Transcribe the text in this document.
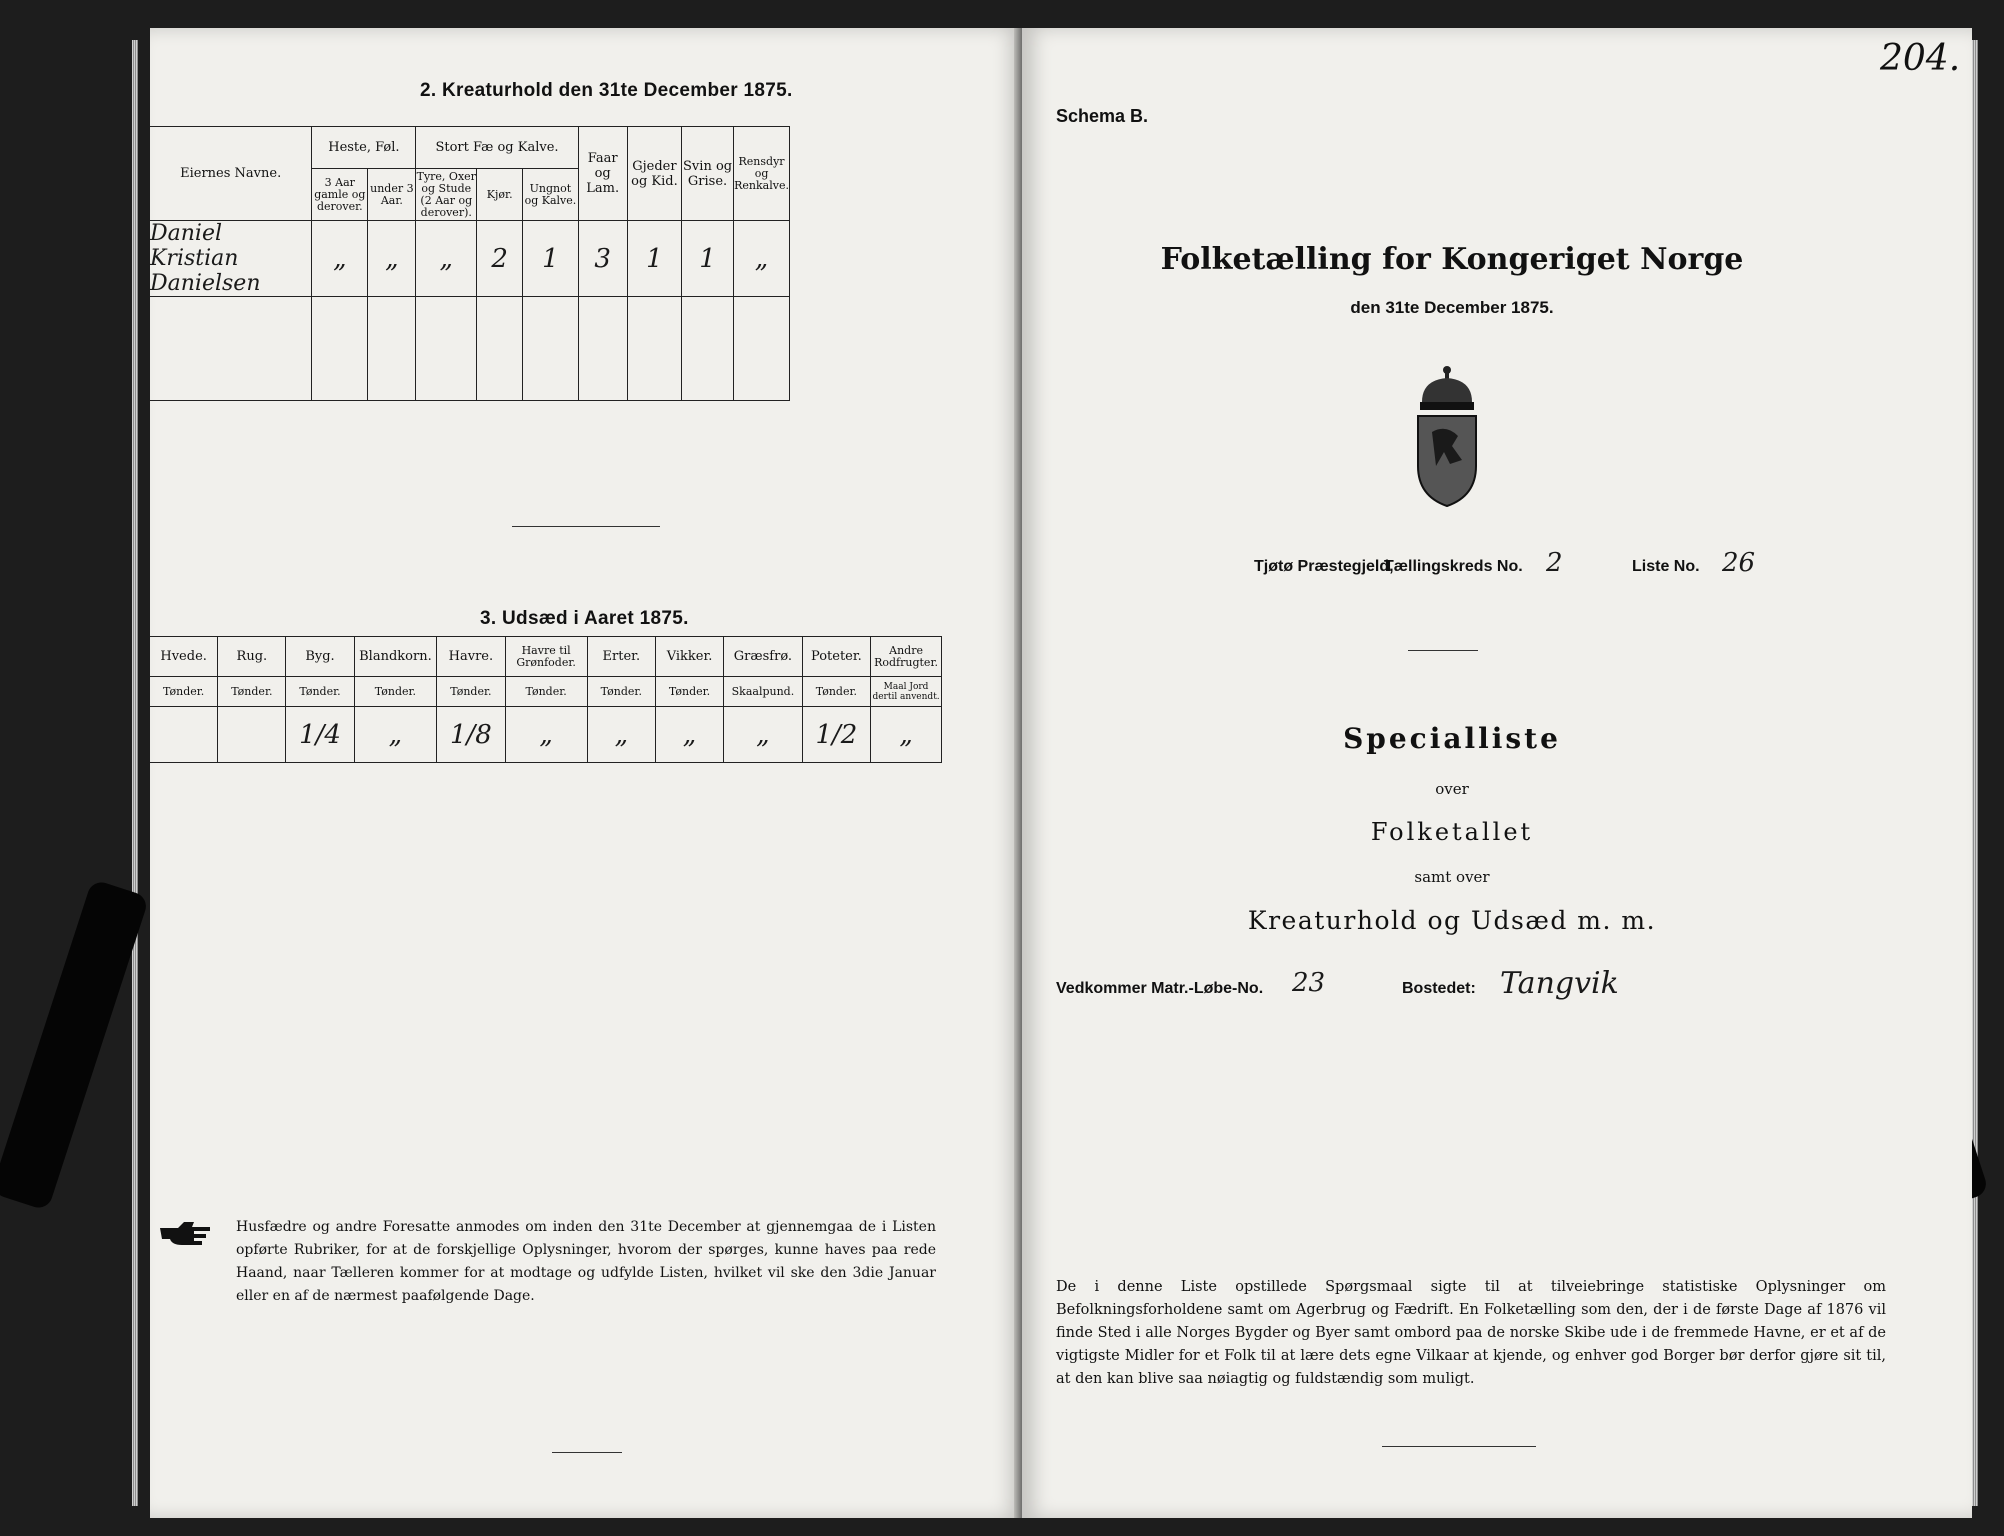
2. Kreaturhold den 31te December 1875.
Eiernes Navne.	Heste, Føl.		Stort Fæ og Kalve.			Faar og Lam.	Gjeder og Kid.	Svin og Grise.	Rensdyr og Renkalve.
	3 Aar gamle og derover.	under 3 Aar.	Tyre, Oxer og Stude (2 Aar og derover).	Kjør.	Ungnot og Kalve.				
Daniel Kristian Danielsen	„	„	„	2	1	3	1	1	„

3. Udsæd i Aaret 1875.
Hvede.	Rug.	Byg.	Blandkorn.	Havre.	Havre til Grønfoder.	Erter.	Vikker.	Græsfrø.	Poteter.	Andre Rodfrugter.
Tønder.	Tønder.	Tønder.	Tønder.	Tønder.	Tønder.	Tønder.	Tønder.	Skaalpund.	Tønder.	Maal Jord dertil anvendt.
		1/4	„	1/8	„	„	„	„	1/2	„
Husfædre og andre Foresatte anmodes om inden den 31te December at gjennemgaa de i Listen opførte Rubriker, for at de forskjellige Oplysninger, hvorom der spørges, kunne haves paa rede Haand, naar Tælleren kommer for at modtage og udfylde Listen, hvilket vil ske den 3die Januar eller en af de nærmest paafølgende Dage.
204.
Schema B.
Folketælling for Kongeriget Norge
den 31te December 1875.
Tjøtø Præstegjeld,
Tællingskreds No. 2	Liste No. 26
Specialliste
over
Folketallet
samt over
Kreaturhold og Udsæd m. m.
Vedkommer Matr.-Løbe-No. 23	Bostedet: Tangvik
De i denne Liste opstillede Spørgsmaal sigte til at tilveiebringe statistiske Oplysninger om Befolkningsforholdene samt om Agerbrug og Fædrift. En Folketælling som den, der i de første Dage af 1876 vil finde Sted i alle Norges Bygder og Byer samt ombord paa de norske Skibe ude i de fremmede Havne, er et af de vigtigste Midler for et Folk til at lære dets egne Vilkaar at kjende, og enhver god Borger bør derfor gjøre sit til, at den kan blive saa nøiagtig og fuldstændig som muligt.
